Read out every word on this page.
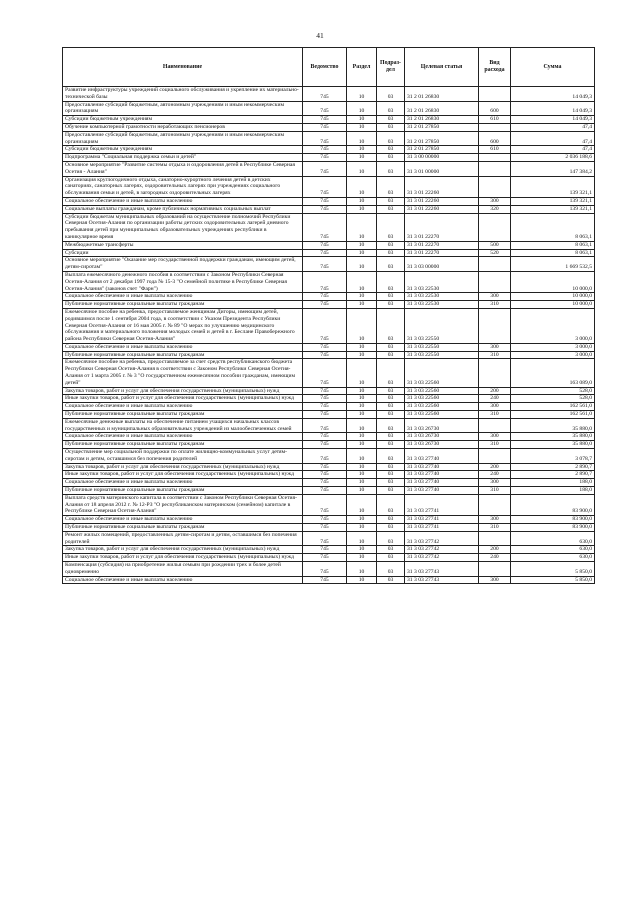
41
Наименование	Ведомство	Раздел	Подраз-дел	Целевая статья	Вид расхода	Сумма
Развитие инфраструктуры учреждений социального обслуживания и укрепление их материально-технической базы	745	10	03	31 2 01 26830		14 049,3
Предоставление субсидий бюджетным, автономным учреждениям и иным некоммерческим организациям	745	10	03	31 2 01 26830	600	14 049,3
Субсидии бюджетным учреждениям	745	10	03	31 2 01 26830	610	14 049,3
Обучение компьютерной грамотности неработающих пенсионеров	745	10	03	31 2 01 27850		47,4
Предоставление субсидий бюджетным, автономным учреждениям и иным некоммерческим организациям	745	10	03	31 2 01 27850	600	47,4
Субсидии бюджетным учреждениям	745	10	03	31 2 01 27850	610	47,4
Подпрограмма "Социальная поддержка семьи и детей"	745	10	03	31 3 00 00000		2 036 188,6
Основное мероприятие "Развитие системы отдыха и оздоровления детей в Республике Северная Осетия - Алания"	745	10	03	31 3 01 00000		147 384,2
Организация круглогодичного отдыха, санаторно-курортного лечения детей в детских санаториях, санаторных лагерях, оздоровительных лагерях при учреждениях социального обслуживания семьи и детей, в загородных оздоровительных лагерях	745	10	03	31 3 01 22260		139 321,1
Социальное обеспечение и иные выплаты населению	745	10	03	31 3 01 22260	300	139 321,1
Социальные выплаты гражданам, кроме публичных нормативных социальных выплат	745	10	03	31 3 01 22260	320	139 321,1
Субсидии бюджетам муниципальных образований на осуществление полномочий Республики Северная Осетия-Алания по организации работы детских оздоровительных лагерей дневного пребывания детей при муниципальных образовательных учреждениях республики в каникулярное время	745	10	03	31 3 01 22270		8 063,1
Межбюджетные трансферты	745	10	03	31 3 01 22270	500	8 063,1
Субсидии	745	10	03	31 3 01 22270	520	8 063,1
Основное мероприятие "Оказание мер государственной поддержки гражданам, имеющим детей, детям-сиротам"	745	10	03	31 3 03 00000		1 669 532,5
Выплата ежемесячного денежного пособия в соответствии с Законом Республики Северная Осетия-Алания от 2 декабря 1997 года № 15-3 "О семейной политике в Республике Северная Осетия-Алания" (законов счет "Фарн")	745	10	03	31 3 03 22530		10 000,0
Социальное обеспечение и иные выплаты населению	745	10	03	31 3 03 22530	300	10 000,0
Публичные нормативные социальные выплаты гражданам	745	10	03	31 3 03 22530	310	10 000,0
Ежемесячное пособие на ребенка, предоставляемое женщинам Дигоры, имеющим детей, родившимся после 1 сентября 2004 года, в соответствии с Указом Президента Республики Северная Осетия-Алания от 16 мая 2005 г. № 89 "О мерах по улучшению медицинского обслуживания и материального положения молодых семей и детей в г. Беслане Правобережного района Республики Северная Осетия-Алания"	745	10	03	31 3 03 22550		3 000,0
Социальное обеспечение и иные выплаты населению	745	10	03	31 3 03 22550	300	3 000,0
Публичные нормативные социальные выплаты гражданам	745	10	03	31 3 03 22550	310	3 000,0
Ежемесячное пособие на ребенка, предоставляемое за счет средств республиканского бюджета Республики Северная Осетия-Алания в соответствии с Законом Республики Северная Осетия-Алания от 1 марта 2005 г. № 3 "О государственном ежемесячном пособии гражданам, имеющим детей"	745	10	03	31 3 03 22560		163 089,0
Закупка товаров, работ и услуг для обеспечения государственных (муниципальных) нужд	745	10	03	31 3 03 22560	200	528,0
Иные закупки товаров, работ и услуг для обеспечения государственных (муниципальных) нужд	745	10	03	31 3 03 22560	240	528,0
Социальное обеспечение и иные выплаты населению	745	10	03	31 3 03 22560	300	162 561,0
Публичные нормативные социальные выплаты гражданам	745	10	03	31 3 03 22560	310	162 561,0
Ежемесячные денежные выплаты на обеспечение питанием учащихся начальных классов государственных и муниципальных образовательных учреждений из малообеспеченных семей	745	10	03	31 3 03 26730		35 880,0
Социальное обеспечение и иные выплаты населению	745	10	03	31 3 03 26730	300	35 880,0
Публичные нормативные социальные выплаты гражданам	745	10	03	31 3 03 26730	310	35 880,0
Осуществление мер социальной поддержки по оплате жилищно-коммунальных услуг детям-сиротам и детям, оставшимся без попечения родителей	745	10	03	31 3 03 27740		3 078,7
Закупка товаров, работ и услуг для обеспечения государственных (муниципальных) нужд	745	10	03	31 3 03 27740	200	2 890,7
Иные закупки товаров, работ и услуг для обеспечения государственных (муниципальных) нужд	745	10	03	31 3 03 27740	240	2 890,7
Социальное обеспечение и иные выплаты населению	745	10	03	31 3 03 27740	300	188,0
Публичные нормативные социальные выплаты гражданам	745	10	03	31 3 03 27740	310	188,0
Выплата средств материнского капитала в соответствии с Законом Республики Северная Осетия-Алания от 18 апреля 2012 г. № 12-РЗ "О республиканском материнском (семейном) капитале в Республике Северная Осетия-Алания"	745	10	03	31 3 03 27741		83 900,0
Социальное обеспечение и иные выплаты населению	745	10	03	31 3 03 27741	300	83 900,0
Публичные нормативные социальные выплаты гражданам	745	10	03	31 3 03 27741	310	83 900,0
Ремонт жилых помещений, предоставленных детям-сиротам и детям, оставшимся без попечения родителей	745	10	03	31 3 03 27742		630,0
Закупка товаров, работ и услуг для обеспечения государственных (муниципальных) нужд	745	10	03	31 3 03 27742	200	630,0
Иные закупки товаров, работ и услуг для обеспечения государственных (муниципальных) нужд	745	10	03	31 3 03 27742	240	630,0
Компенсация (субсидия) на приобретение жилья семьям при рождении трех и более детей одновременно	745	10	03	31 3 03 27743		5 850,0
Социальное обеспечение и иные выплаты населению	745	10	03	31 3 03 27743	300	5 850,0
